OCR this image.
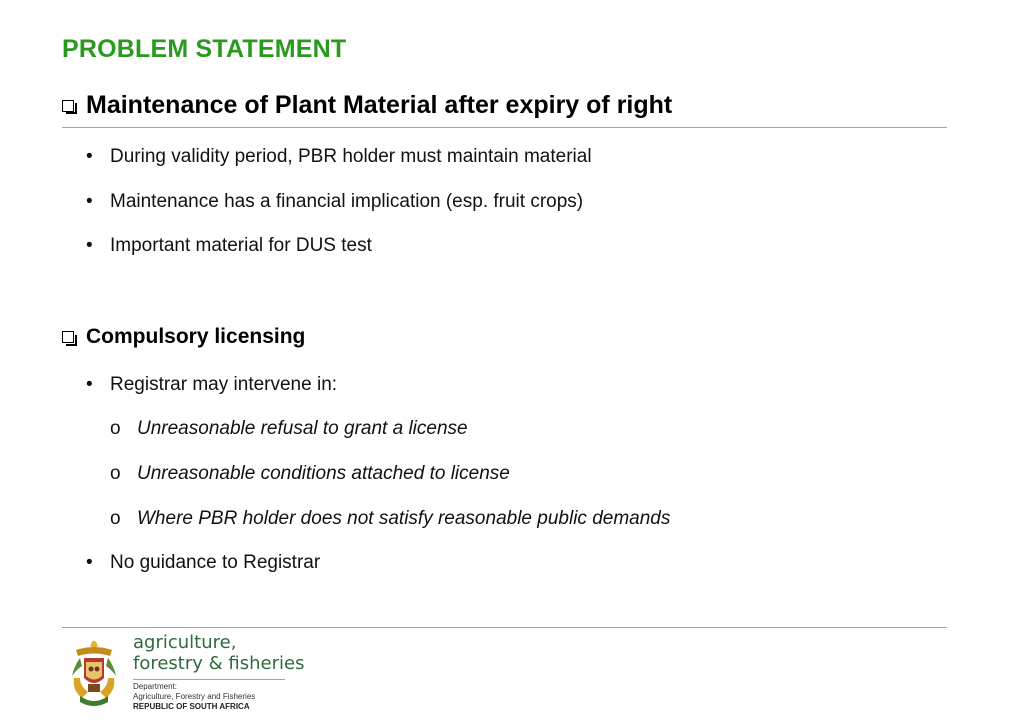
PROBLEM STATEMENT
Maintenance of Plant Material after expiry of right
• During validity period, PBR holder must maintain material
• Maintenance has a financial implication (esp. fruit crops)
• Important material for DUS test
Compulsory licensing
• Registrar may intervene in:
o Unreasonable refusal to grant a license
o Unreasonable conditions attached to license
o Where PBR holder does not satisfy reasonable public demands
• No guidance to Registrar
agriculture,
forestry & fisheries
Department:
Agriculture, Forestry and Fisheries
REPUBLIC OF SOUTH AFRICA
